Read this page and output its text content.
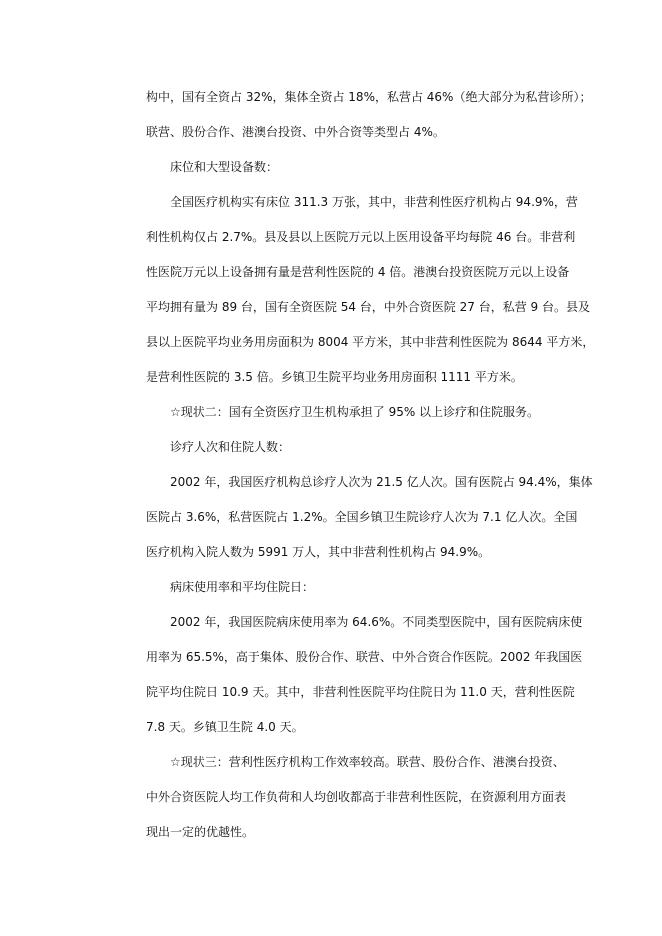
构中，国有全资占 32%，集体全资占 18%，私营占 46%（绝大部分为私营诊所）；
联营、股份合作、港澳台投资、中外合资等类型占 4%。
床位和大型设备数：
全国医疗机构实有床位 311.3 万张，其中，非营利性医疗机构占 94.9%，营
利性机构仅占 2.7%。县及县以上医院万元以上医用设备平均每院 46 台。非营利
性医院万元以上设备拥有量是营利性医院的 4 倍。港澳台投资医院万元以上设备
平均拥有量为 89 台，国有全资医院 54 台，中外合资医院 27 台，私营 9 台。县及
县以上医院平均业务用房面积为 8004 平方米，其中非营利性医院为 8644 平方米，
是营利性医院的 3.5 倍。乡镇卫生院平均业务用房面积 1111 平方米。
☆现状二：国有全资医疗卫生机构承担了 95% 以上诊疗和住院服务。
诊疗人次和住院人数：
2002 年，我国医疗机构总诊疗人次为 21.5 亿人次。国有医院占 94.4%，集体
医院占 3.6%，私营医院占 1.2%。全国乡镇卫生院诊疗人次为 7.1 亿人次。全国
医疗机构入院人数为 5991 万人，其中非营利性机构占 94.9%。
病床使用率和平均住院日：
2002 年，我国医院病床使用率为 64.6%。不同类型医院中，国有医院病床使
用率为 65.5%，高于集体、股份合作、联营、中外合资合作医院。2002 年我国医
院平均住院日 10.9 天。其中，非营利性医院平均住院日为 11.0 天，营利性医院
7.8 天。乡镇卫生院 4.0 天。
☆现状三：营利性医疗机构工作效率较高。联营、股份合作、港澳台投资、
中外合资医院人均工作负荷和人均创收都高于非营利性医院，在资源利用方面表
现出一定的优越性。
